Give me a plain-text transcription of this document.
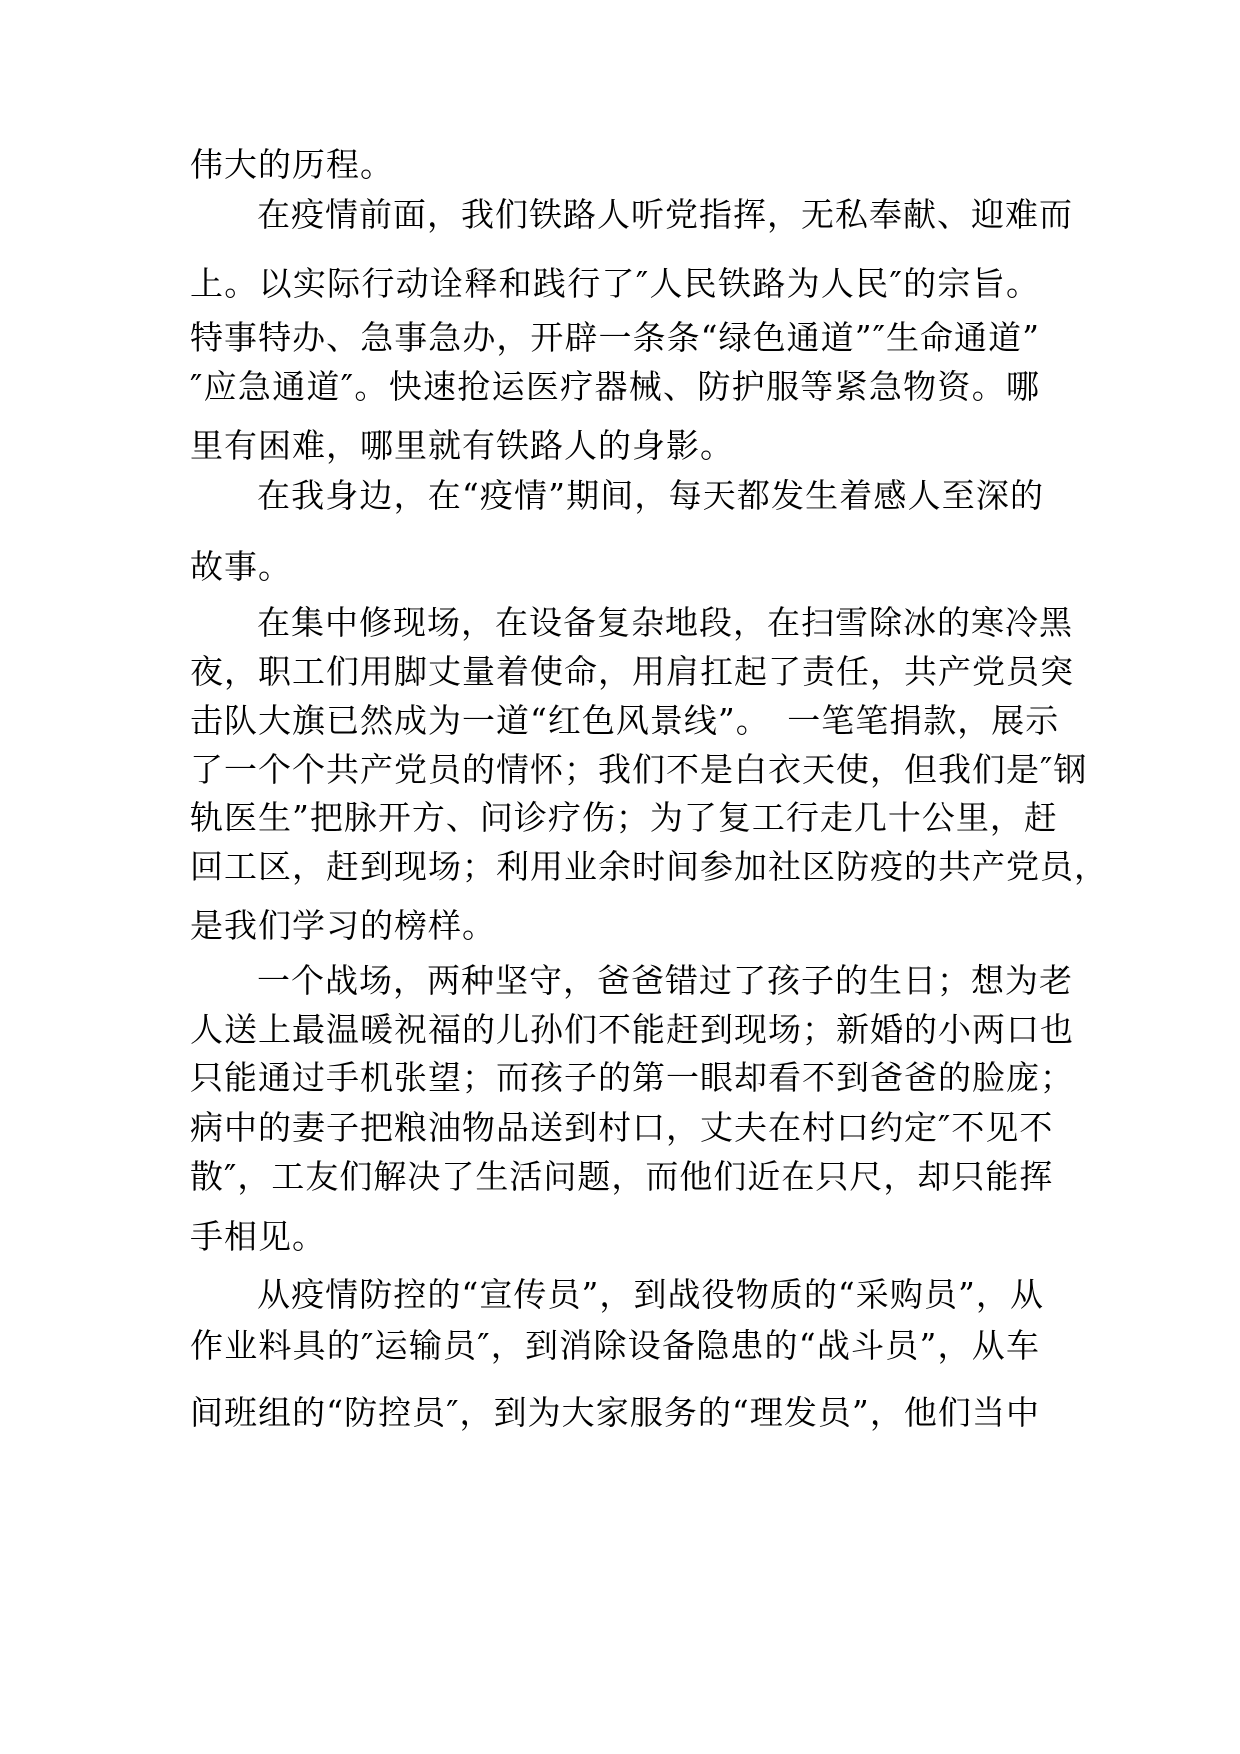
伟大的历程。
在疫情前面，我们铁路人听党指挥，无私奉献、迎难而
上。以实际行动诠释和践行了″人民铁路为人民″的宗旨。
特事特办、急事急办，开辟一条条“绿色通道”″生命通道”
″应急通道″。快速抢运医疗器械、防护服等紧急物资。哪
里有困难，哪里就有铁路人的身影。
在我身边，在“疫情”期间，每天都发生着感人至深的
故事。
在集中修现场，在设备复杂地段，在扫雪除冰的寒冷黑
夜，职工们用脚丈量着使命，用肩扛起了责任，共产党员突
击队大旗已然成为一道“红色风景线”。　一笔笔捐款，展示
了一个个共产党员的情怀；我们不是白衣天使，但我们是″钢
轨医生”把脉开方、问诊疗伤；为了复工行走几十公里，赶
回工区，赶到现场；利用业余时间参加社区防疫的共产党员，
是我们学习的榜样。
一个战场，两种坚守，爸爸错过了孩子的生日；想为老
人送上最温暖祝福的儿孙们不能赶到现场；新婚的小两口也
只能通过手机张望；而孩子的第一眼却看不到爸爸的脸庞；
病中的妻子把粮油物品送到村口，丈夫在村口约定″不见不
散″，工友们解决了生活问题，而他们近在只尺，却只能挥
手相见。
从疫情防控的“宣传员”，到战役物质的“采购员”，从
作业料具的″运输员″，到消除设备隐患的“战斗员”，从车
间班组的“防控员″，到为大家服务的“理发员”，他们当中
